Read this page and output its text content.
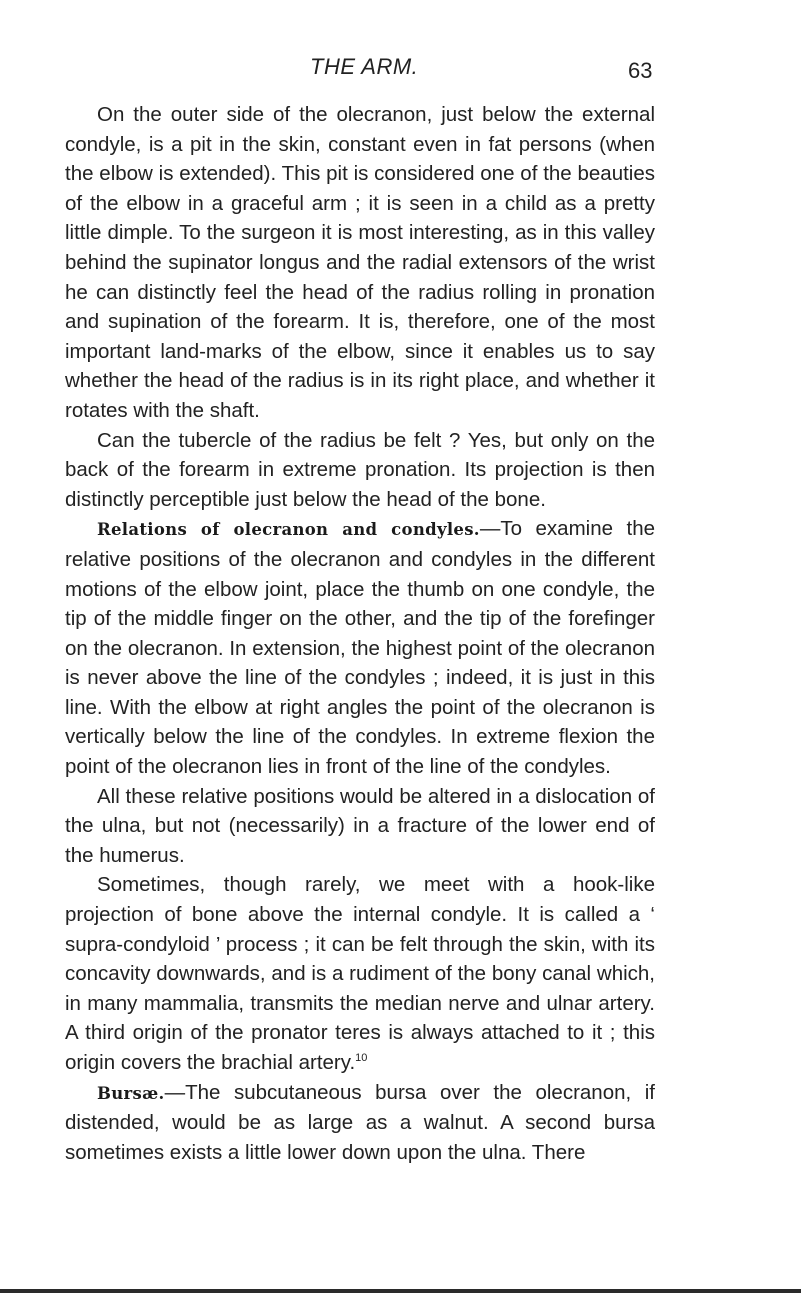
THE ARM.	63

On the outer side of the olecranon, just below the external condyle, is a pit in the skin, constant even in fat persons (when the elbow is extended). This pit is considered one of the beauties of the elbow in a graceful arm ; it is seen in a child as a pretty little dimple. To the surgeon it is most interesting, as in this valley behind the supinator longus and the radial extensors of the wrist he can distinctly feel the head of the radius rolling in pronation and supination of the forearm. It is, therefore, one of the most important land-marks of the elbow, since it enables us to say whether the head of the radius is in its right place, and whether it rotates with the shaft.

Can the tubercle of the radius be felt ? Yes, but only on the back of the forearm in extreme pronation. Its projection is then distinctly perceptible just below the head of the bone.

Relations of olecranon and condyles.—To examine the relative positions of the olecranon and condyles in the different motions of the elbow joint, place the thumb on one condyle, the tip of the middle finger on the other, and the tip of the forefinger on the olecranon. In extension, the highest point of the olecranon is never above the line of the condyles ; indeed, it is just in this line. With the elbow at right angles the point of the olecranon is vertically below the line of the condyles. In extreme flexion the point of the olecranon lies in front of the line of the condyles.

All these relative positions would be altered in a dislocation of the ulna, but not (necessarily) in a fracture of the lower end of the humerus.

Sometimes, though rarely, we meet with a hook-like projection of bone above the internal condyle. It is called a ‘ supra-condyloid ’ process ; it can be felt through the skin, with its concavity downwards, and is a rudiment of the bony canal which, in many mammalia, transmits the median nerve and ulnar artery. A third origin of the pronator teres is always attached to it ; this origin covers the brachial artery.$^{10}$

Bursæ.—The subcutaneous bursa over the olecranon, if distended, would be as large as a walnut. A second bursa sometimes exists a little lower down upon the ulna. There
